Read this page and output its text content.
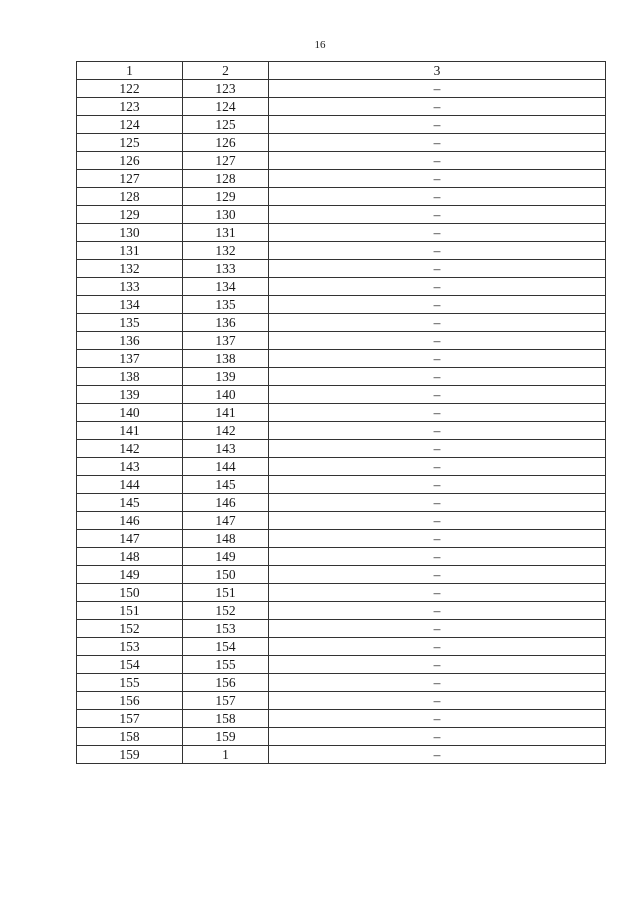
16
1	2	3
122	123	–
123	124	–
124	125	–
125	126	–
126	127	–
127	128	–
128	129	–
129	130	–
130	131	–
131	132	–
132	133	–
133	134	–
134	135	–
135	136	–
136	137	–
137	138	–
138	139	–
139	140	–
140	141	–
141	142	–
142	143	–
143	144	–
144	145	–
145	146	–
146	147	–
147	148	–
148	149	–
149	150	–
150	151	–
151	152	–
152	153	–
153	154	–
154	155	–
155	156	–
156	157	–
157	158	–
158	159	–
159	1	–
